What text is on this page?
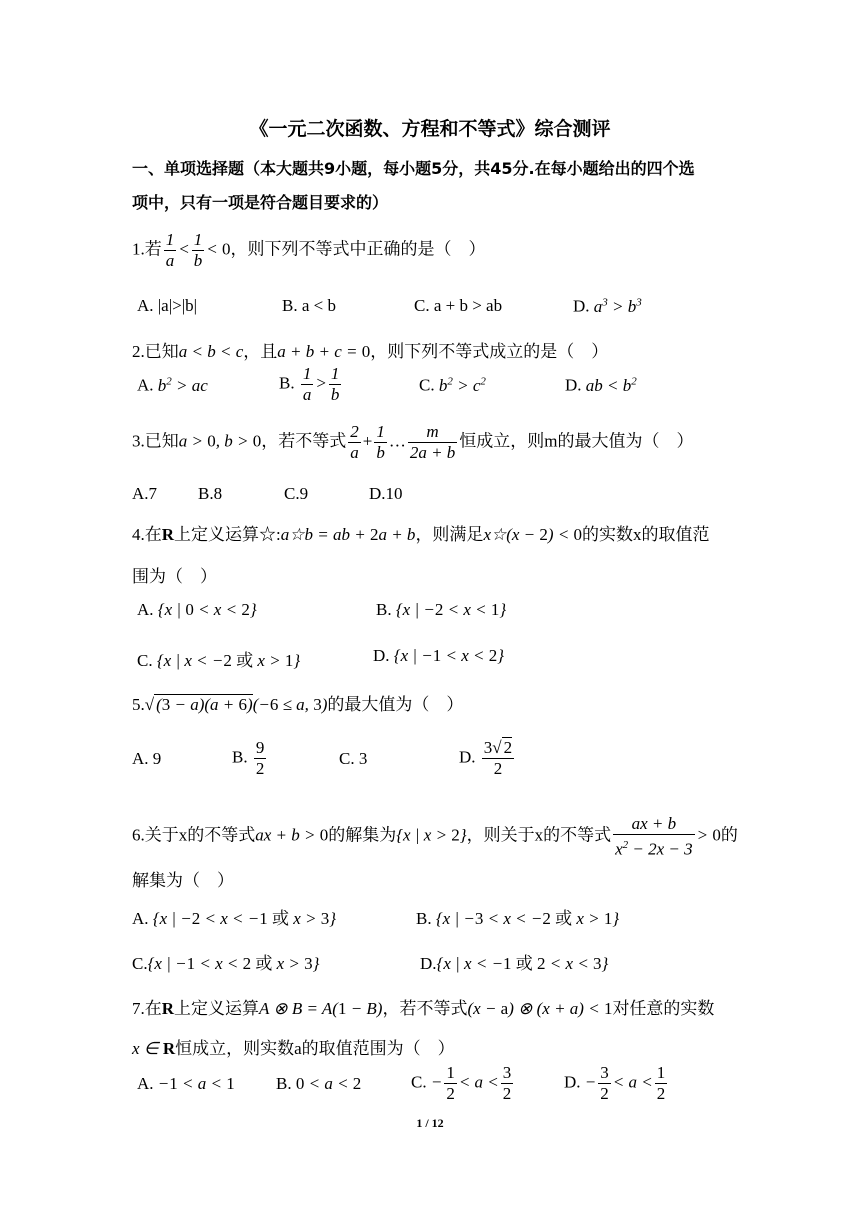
《一元二次函数、方程和不等式》综合测评
一、单项选择题（本大题共9小题，每小题5分，共45分.在每小题给出的四个选
项中，只有一项是符合题目要求的）
1.若 $\frac{1}{a} < \frac{1}{b} < 0$，则下列不等式中正确的是（　）
A. |a|>|b|	B. a < b	C. a + b > ab	D. $a^3 > b^3$
2.已知a < b < c，且a + b + c = 0，则下列不等式成立的是（　）
A. $b^2$ > ac	B. $\frac{1}{a} > \frac{1}{b}$	C. $b^2 > c^2$	D. ab < $b^2$
3.已知a > 0, b > 0，若不等式 $\frac{2}{a} + \frac{1}{b}$ … $\frac{m}{2a + b}$ 恒成立，则m的最大值为（　）
A.7 B.8	C.9	D.10
4.在R上定义运算☆:a☆b = ab + 2a + b，则满足x☆(x − 2) < 0的实数x的取值范
围为（　）
A. {x | 0 < x < 2}	B. {x | −2 < x < 1}
C. {x | x < −2 或 x > 1}	D. {x | −1 < x < 2}
5.√ (3 − a)(a + 6)(−6 ≤ a, 3)的最大值为（　）
A. 9	B. $\frac{9}{2}$	C. 3	D. $\frac{3√ 2}{2}$
6.关于x的不等式ax + b > 0的解集为{x | x > 2}，则关于x的不等式 $\frac{ax + b}{x^2 - 2x - 3} > 0$的
解集为（　）
A. {x | −2 < x < −1 或 x > 3}	B. {x | −3 < x < −2 或 x > 1}
C.{x | −1 < x < 2 或 x > 3}	D.{x | x < −1 或 2 < x < 3}
7.在R上定义运算A ⊗ B = A(1 − B)，若不等式(x − a) ⊗ (x + a) < 1对任意的实数
x ∈ R恒成立，则实数a的取值范围为（　）
A. −1 < a < 1 B. 0 < a < 2	C. − $\frac{1}{2} < a < \frac{3}{2}$	D. − $\frac{3}{2} < a < \frac{1}{2}$
1 / 12
